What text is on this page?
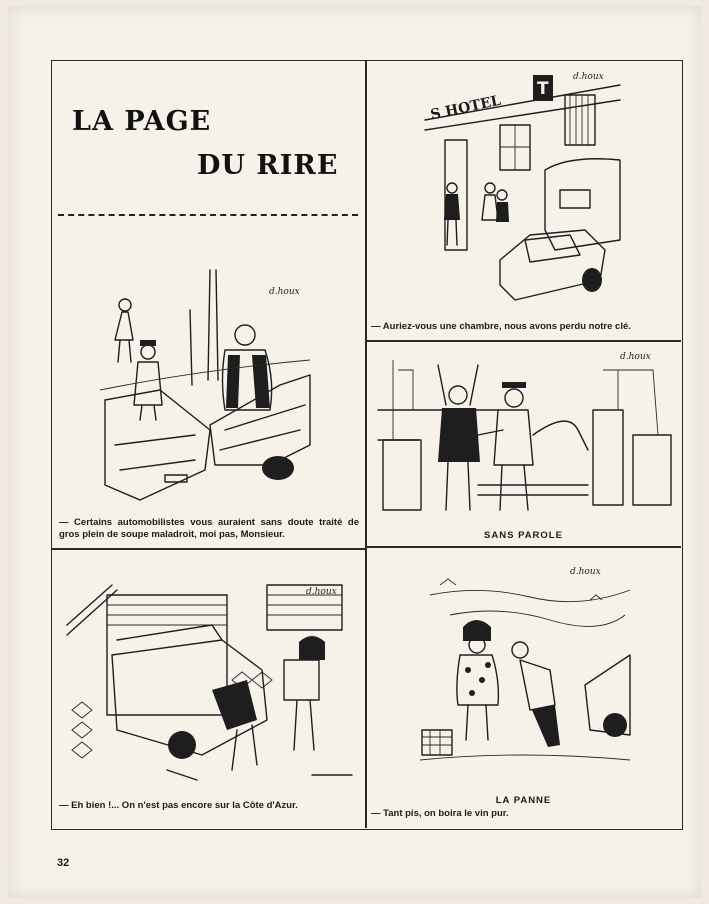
LA PAGE
DU RIRE
d.houx
— Certains automobilistes vous auraient sans doute traité de
gros plein de soupe maladroit, moi pas, Monsieur.
T
S HOTEL
d.houx
— Auriez-vous une chambre, nous avons perdu notre clé.
d.houx
SANS PAROLE
d.houx
— Eh bien !... On n'est pas encore sur la Côte d'Azur.
d.houx
LA PANNE
— Tant pis, on boira le vin pur.
32
